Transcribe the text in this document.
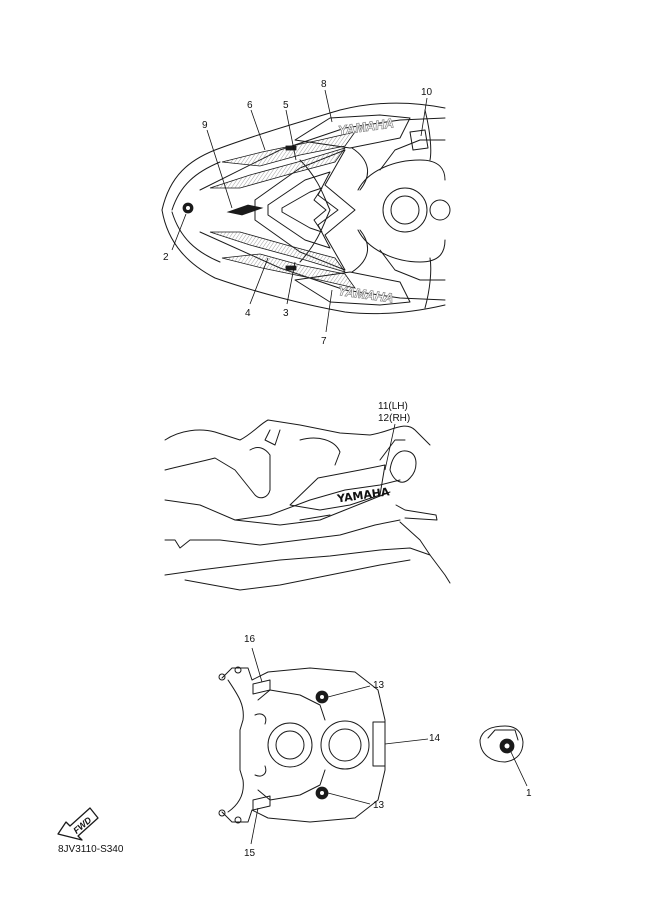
YAMAHA
YAMAHA
8
10
6	5
9
2
4	3
7
YAMAHA
11(LH)
12(RH)
16
13
14
13
15
1
FWD
8JV3110-S340
